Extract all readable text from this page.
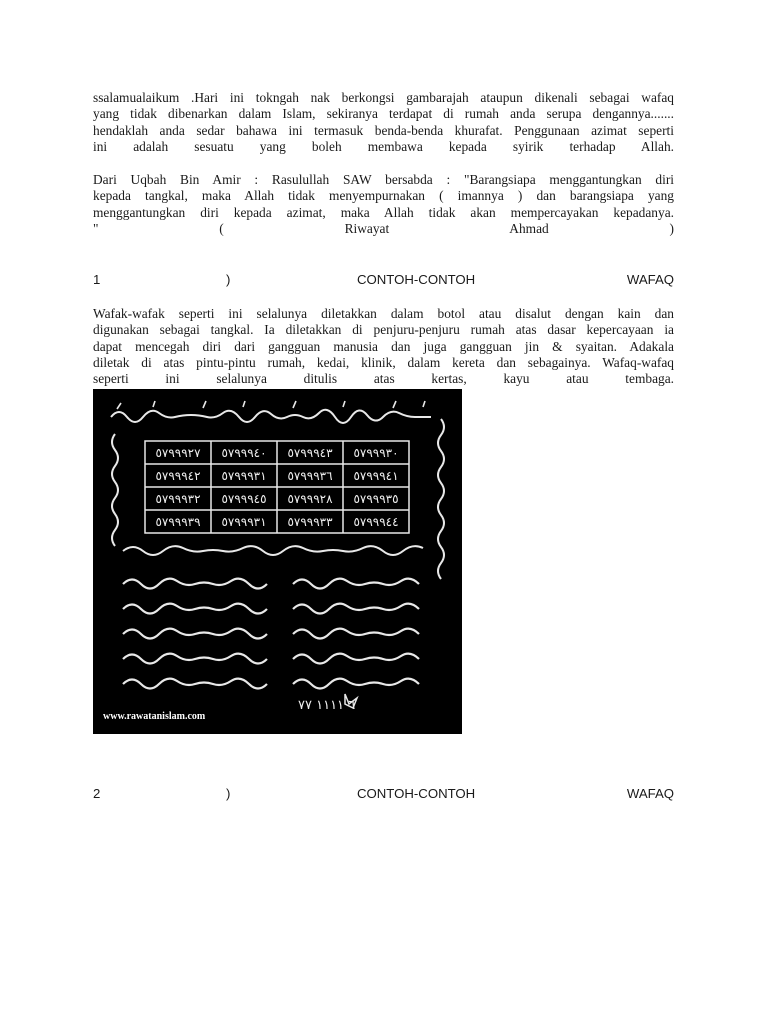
ssalamualaikum .Hari ini tokngah nak berkongsi gambarajah ataupun dikenali sebagai wafaq
yang tidak dibenarkan dalam Islam, sekiranya terdapat di rumah anda serupa dengannya.......
hendaklah anda sedar bahawa ini termasuk benda-benda khurafat. Penggunaan azimat seperti
ini adalah sesuatu yang boleh membawa kepada syirik terhadap Allah.
Dari Uqbah Bin Amir : Rasulullah SAW bersabda : "Barangsiapa menggantungkan diri
kepada tangkal, maka Allah tidak menyempurnakan ( imannya ) dan barangsiapa yang
menggantungkan diri kepada azimat, maka Allah tidak akan mempercayakan kepadanya.
" ( Riwayat Ahmad )
1	)	CONTOH-CONTOH	WAFAQ
Wafak-wafak seperti ini selalunya diletakkan dalam botol atau disalut dengan kain dan
digunakan sebagai tangkal. Ia diletakkan di penjuru-penjuru rumah atas dasar kepercayaan ia
dapat mencegah diri dari gangguan manusia dan juga gangguan jin & syaitan. Adakala
diletak di atas pintu-pintu rumah, kedai, klinik, dalam kereta dan sebagainya. Wafaq-wafaq
seperti ini selalunya ditulis atas kertas, kayu atau tembaga.
٥٧٩٩٩٢٧ ٥٧٩٩٩٤٠ ٥٧٩٩٩٤٣ ٥٧٩٩٩٣٠
٥٧٩٩٩٤٢ ٥٧٩٩٩٣١ ٥٧٩٩٩٣٦ ٥٧٩٩٩٤١
٥٧٩٩٩٣٢ ٥٧٩٩٩٤٥ ٥٧٩٩٩٢٨ ٥٧٩٩٩٣٥
٥٧٩٩٩٣٩ ٥٧٩٩٩٣١ ٥٧٩٩٩٣٣ ٥٧٩٩٩٤٤
٦ ١١١١ ٧٧
www.rawatanislam.com
2	)	CONTOH-CONTOH	WAFAQ
